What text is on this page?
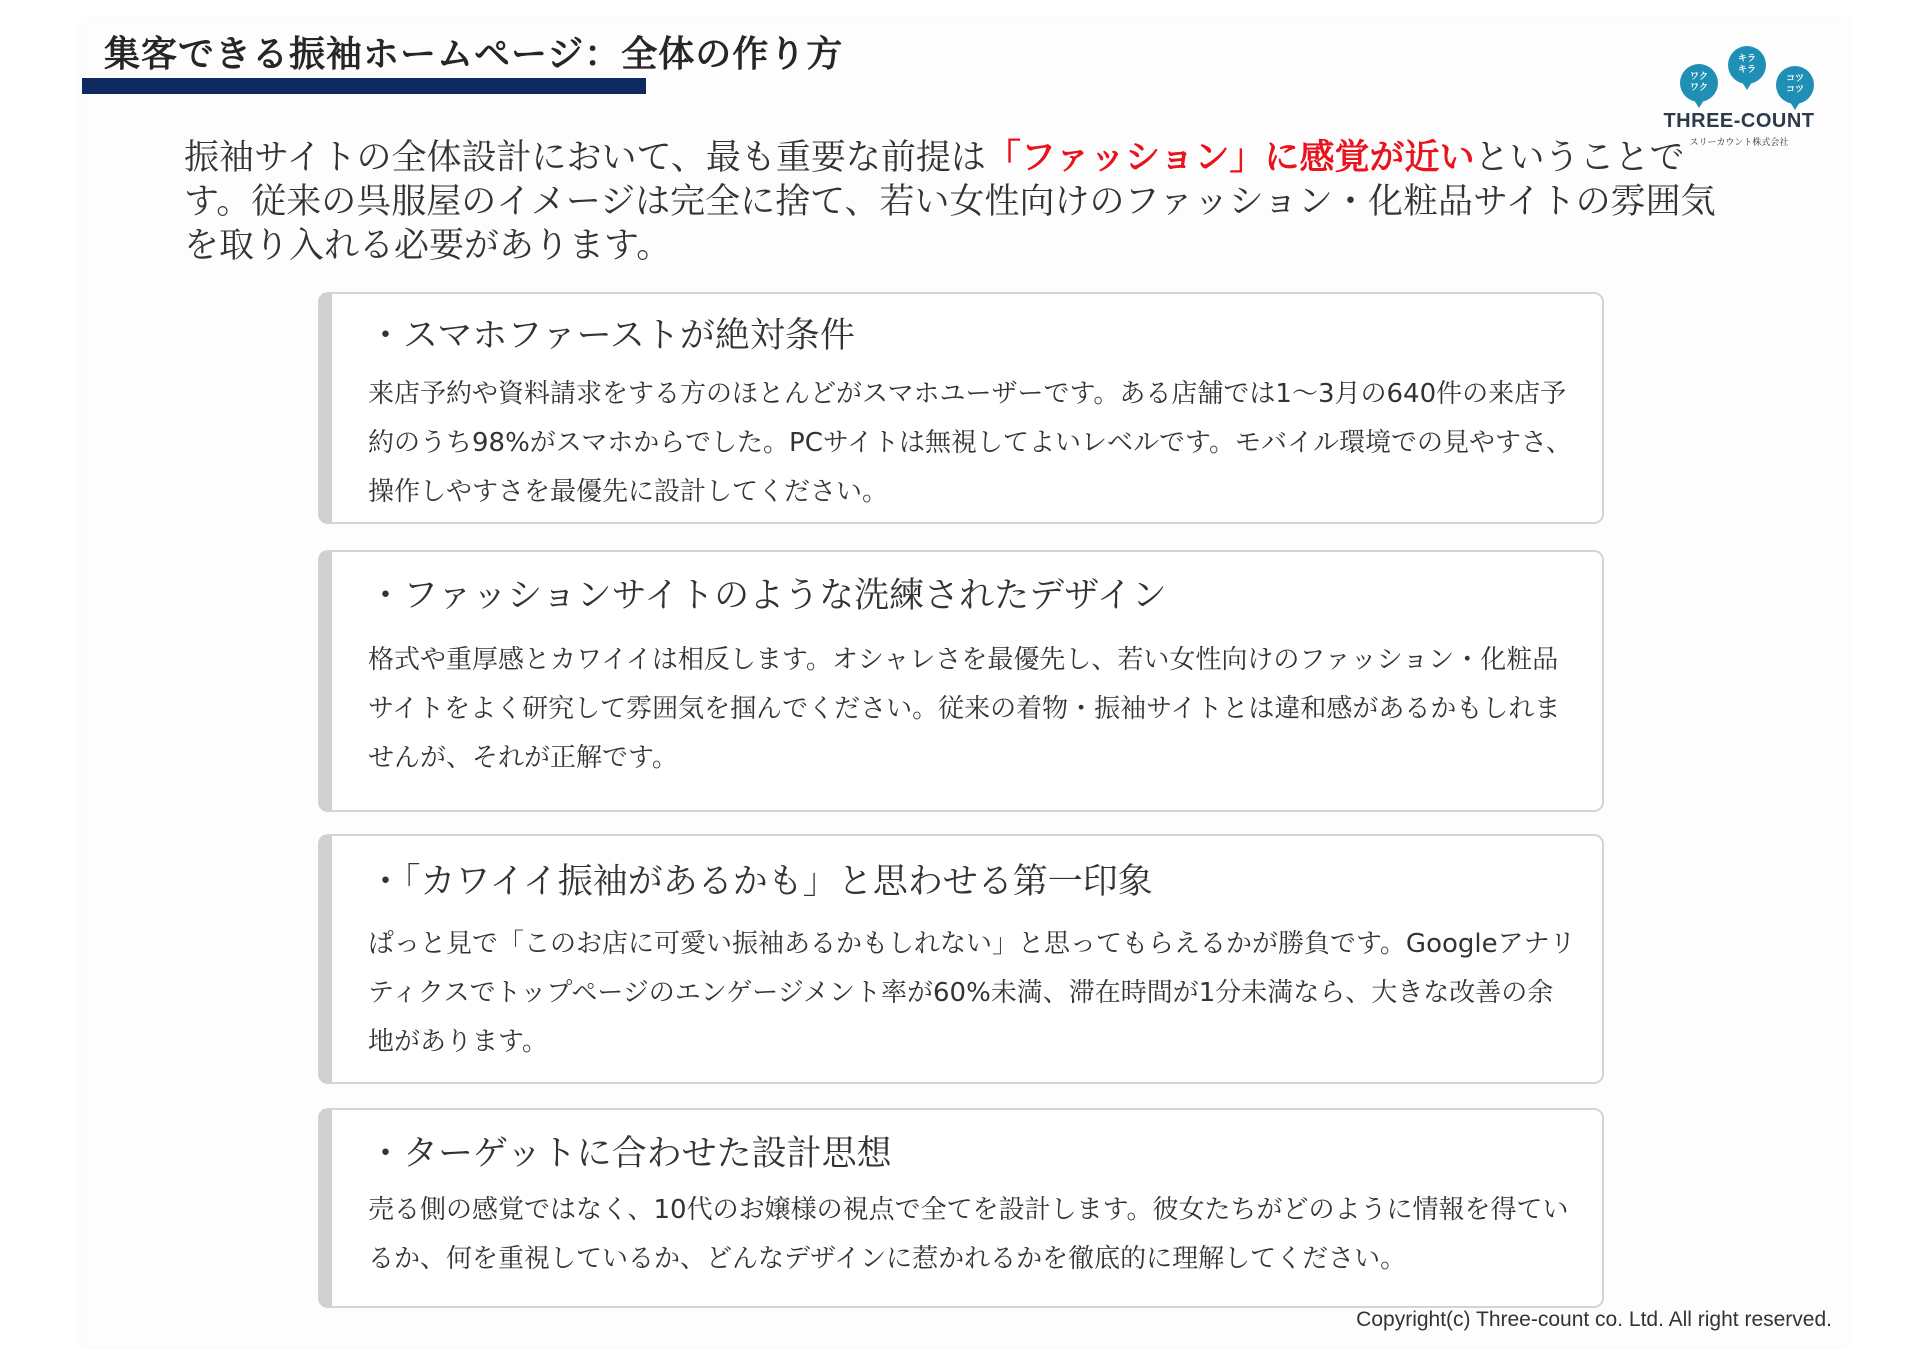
集客できる振袖ホームページ：全体の作り方
ワク
ワク
キラ
キラ
コツ
コツ
THREE-COUNT
スリーカウント株式会社
振袖サイトの全体設計において、最も重要な前提は「ファッション」に感覚が近いということです。従来の呉服屋のイメージは完全に捨て、若い女性向けのファッション・化粧品サイトの雰囲気を取り入れる必要があります。
・スマホファーストが絶対条件
来店予約や資料請求をする方のほとんどがスマホユーザーです。ある店舗では1～3月の640件の来店予約のうち98%がスマホからでした。PCサイトは無視してよいレベルです。モバイル環境での見やすさ、操作しやすさを最優先に設計してください。
・ファッションサイトのような洗練されたデザイン
格式や重厚感とカワイイは相反します。オシャレさを最優先し、若い女性向けのファッション・化粧品サイトをよく研究して雰囲気を掴んでください。従来の着物・振袖サイトとは違和感があるかもしれませんが、それが正解です。
・「カワイイ振袖があるかも」と思わせる第一印象
ぱっと見で「このお店に可愛い振袖あるかもしれない」と思ってもらえるかが勝負です。Googleアナリティクスでトップページのエンゲージメント率が60%未満、滞在時間が1分未満なら、大きな改善の余地があります。
・ターゲットに合わせた設計思想
売る側の感覚ではなく、10代のお嬢様の視点で全てを設計します。彼女たちがどのように情報を得ているか、何を重視しているか、どんなデザインに惹かれるかを徹底的に理解してください。
Copyright(c) Three-count co. Ltd. All right reserved.
